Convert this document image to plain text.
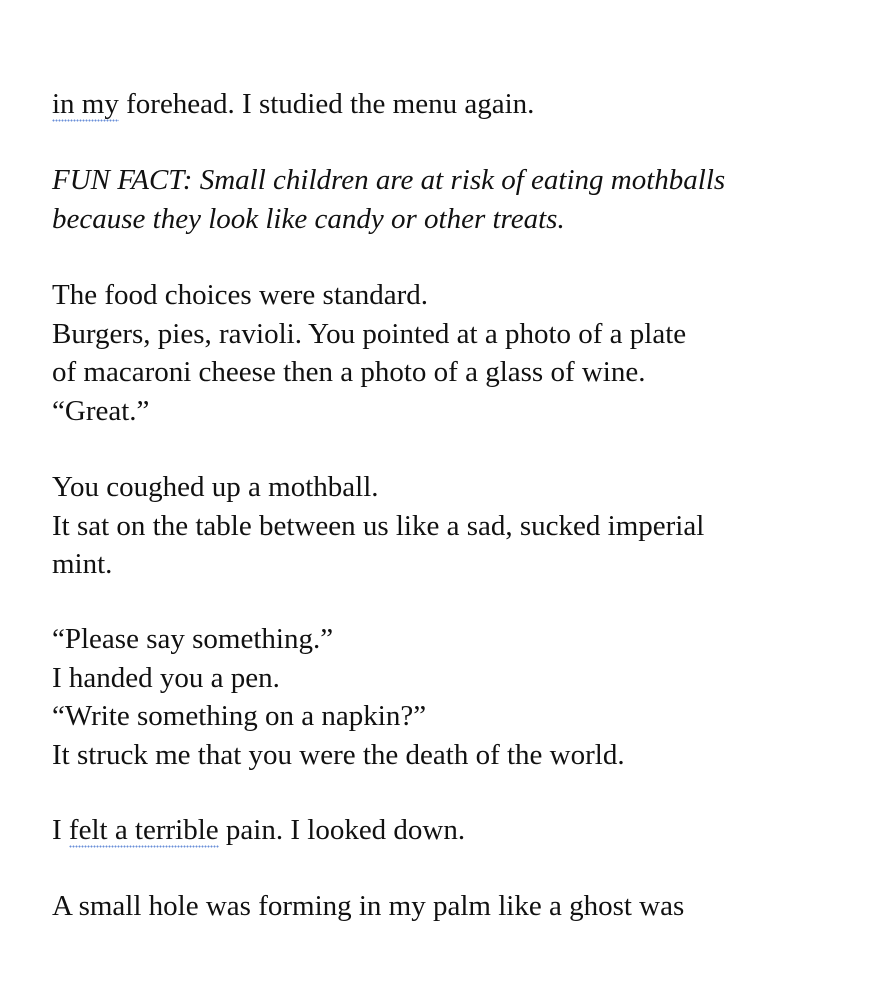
in my forehead. I studied the menu again.
FUN FACT: Small children are at risk of eating mothballs
because they look like candy or other treats.
The food choices were standard.
Burgers, pies, ravioli. You pointed at a photo of a plate
of macaroni cheese then a photo of a glass of wine.
“Great.”
You coughed up a mothball.
It sat on the table between us like a sad, sucked imperial
mint.
“Please say something.”
I handed you a pen.
“Write something on a napkin?”
It struck me that you were the death of the world.
I felt a terrible pain. I looked down.
A small hole was forming in my palm like a ghost was
